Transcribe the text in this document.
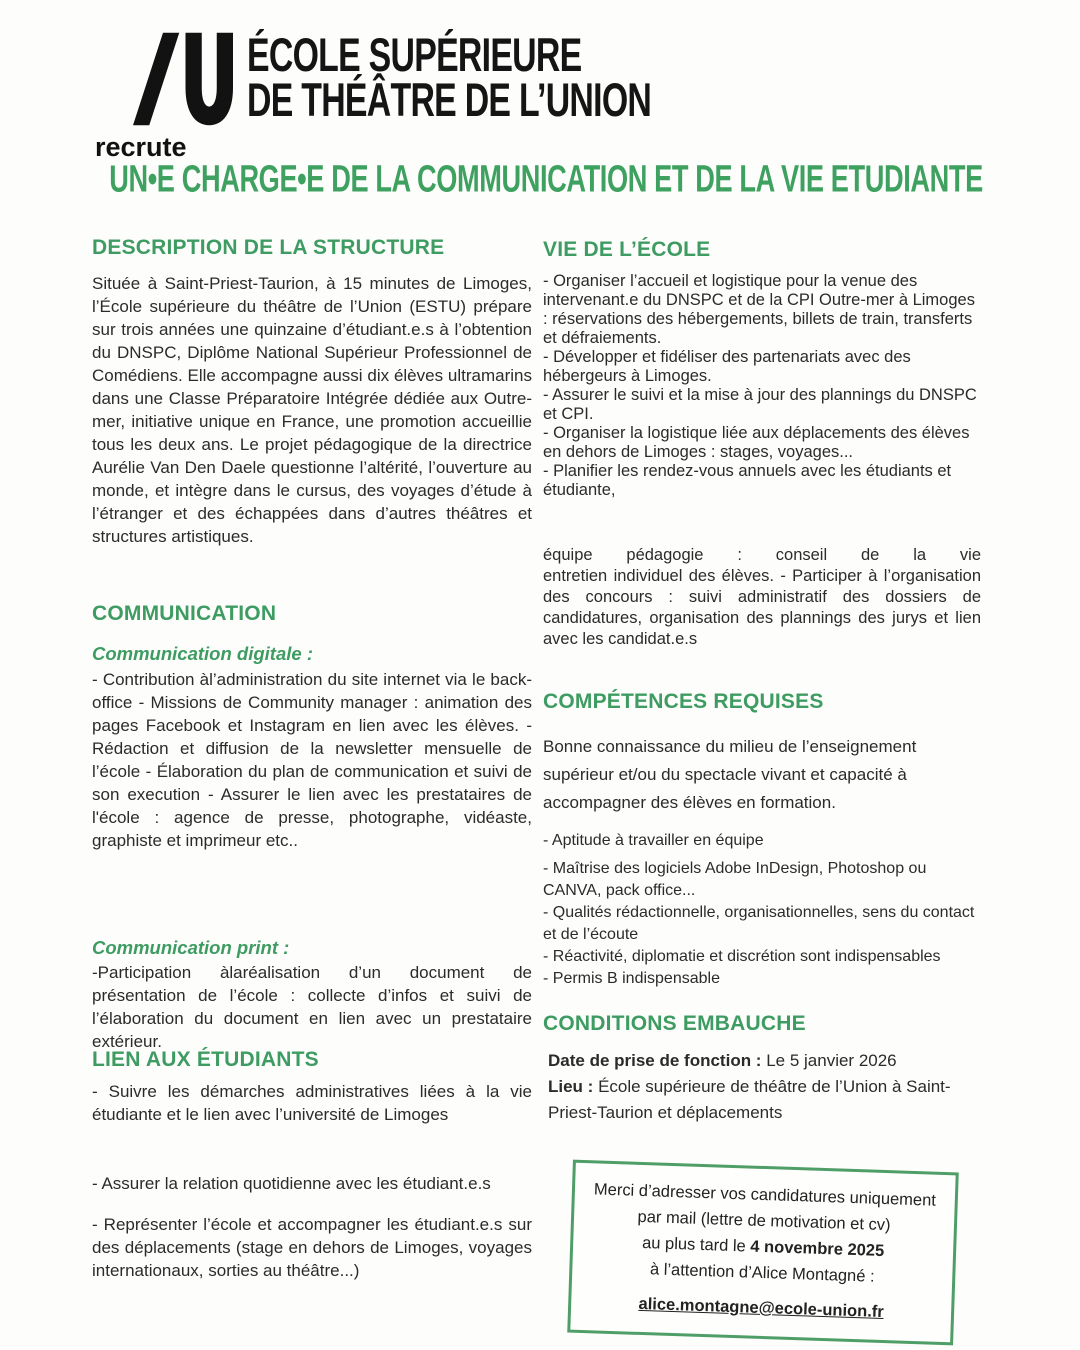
ÉCOLE SUPÉRIEURE
DE THÉÂTRE DE L’UNION
recrute
UN•E CHARGE•E DE LA COMMUNICATION ET DE LA VIE ETUDIANTE
DESCRIPTION DE LA STRUCTURE
Située à Saint-Priest-Taurion, à 15 minutes de Limoges, l’École supérieure du théâtre de l’Union (ESTU) prépare sur trois années une quinzaine d’étudiant.e.s à l’obtention du DNSPC, Diplôme National Supérieur Professionnel de Comédiens. Elle accompagne aussi dix élèves ultramarins dans une Classe Préparatoire Intégrée dédiée aux Outre-mer, initiative unique en France, une promotion accueillie tous les deux ans. Le projet pédagogique de la directrice Aurélie Van Den Daele questionne l’altérité, l’ouverture au monde, et intègre dans le cursus, des voyages d’étude à l’étranger et des échappées dans d’autres théâtres et structures artistiques.
COMMUNICATION
Communication digitale :
- Contribution àl’administration du site internet via le back-office - Missions de Community manager : animation des pages Facebook et Instagram en lien avec les élèves. - Rédaction et diffusion de la newsletter mensuelle de l’école - Élaboration du plan de communication et suivi de son execution - Assurer le lien avec les prestataires de l'école : agence de presse, photographe, vidéaste, graphiste et imprimeur etc..
Communication print :
-Participation àlaréalisation d’un document de présentation de l’école : collecte d’infos et suivi de l’élaboration du document en lien avec un prestataire extérieur.
LIEN AUX ÉTUDIANTS
- Suivre les démarches administratives liées à la vie étudiante et le lien avec l’université de Limoges
- Assurer la relation quotidienne avec les étudiant.e.s
- Représenter l’école et accompagner les étudiant.e.s sur des déplacements (stage en dehors de Limoges, voyages internationaux, sorties au théâtre...)
VIE DE L’ÉCOLE
- Organiser l’accueil et logistique pour la venue des intervenant.e du DNSPC et de la CPI Outre-mer à Limoges : réservations des hébergements, billets de train, transferts et défraiements.
- Développer et fidéliser des partenariats avec des hébergeurs à Limoges.
- Assurer le suivi et la mise à jour des plannings du DNSPC et CPI.
- Organiser la logistique liée aux déplacements des élèves en dehors de Limoges : stages, voyages...
- Planifier les rendez-vous annuels avec les étudiants et étudiante,
équipe pédagogie : conseil de la vie
entretien individuel des élèves. - Participer à l’organisation des concours : suivi administratif des dossiers de candidatures, organisation des plannings des jurys et lien avec les candidat.e.s
COMPÉTENCES REQUISES
Bonne connaissance du milieu de l’enseignement supérieur et/ou du spectacle vivant et capacité à accompagner des élèves en formation.
- Aptitude à travailler en équipe
- Maîtrise des logiciels Adobe InDesign, Photoshop ou CANVA, pack office...
- Qualités rédactionnelle, organisationnelles, sens du contact et de l’écoute
- Réactivité, diplomatie et discrétion sont indispensables
- Permis B indispensable
CONDITIONS EMBAUCHE
Date de prise de fonction : Le 5 janvier 2026
Lieu : École supérieure de théâtre de l’Union à Saint-Priest-Taurion et déplacements
Merci d’adresser vos candidatures uniquement
par mail (lettre de motivation et cv)
au plus tard le 4 novembre 2025
à l’attention d’Alice Montagné :
alice.montagne@ecole-union.fr
